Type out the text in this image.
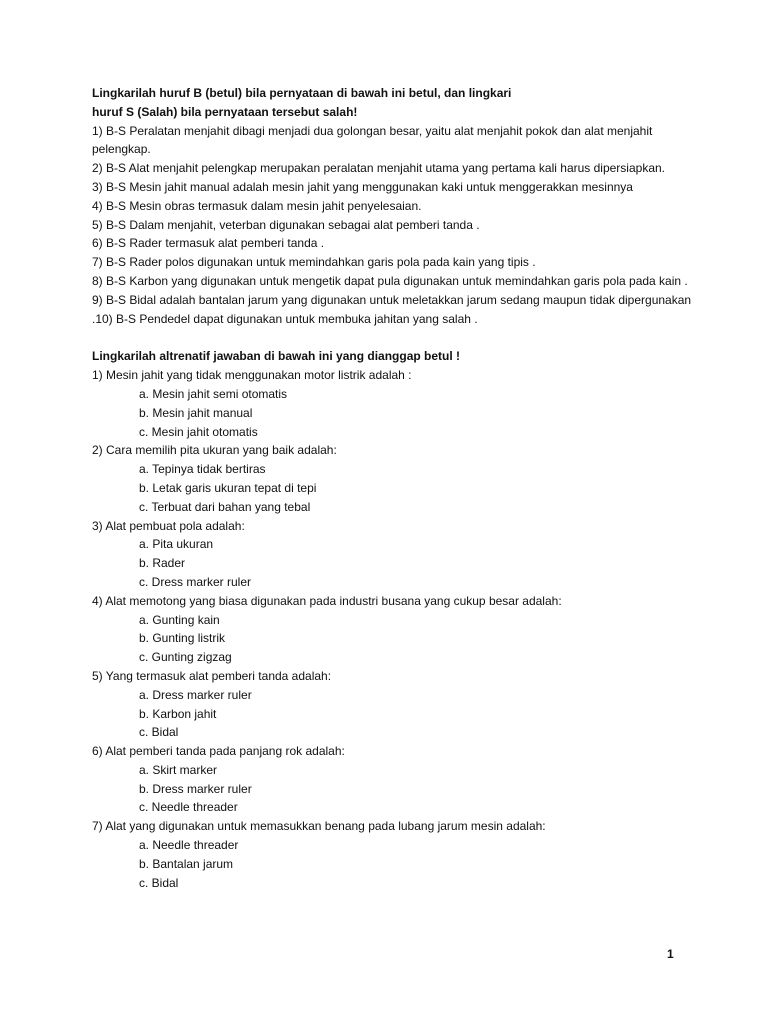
Lingkarilah huruf B (betul) bila pernyataan di bawah ini betul, dan lingkari
huruf S (Salah) bila pernyataan tersebut salah!
1) B-S Peralatan menjahit dibagi menjadi dua golongan besar, yaitu alat menjahit pokok dan alat menjahit
pelengkap.
2) B-S Alat menjahit pelengkap merupakan peralatan menjahit utama yang pertama kali harus dipersiapkan.
3) B-S Mesin jahit manual adalah mesin jahit yang menggunakan kaki untuk menggerakkan mesinnya
4) B-S Mesin obras termasuk dalam mesin jahit penyelesaian.
5) B-S Dalam menjahit, veterban digunakan sebagai alat pemberi tanda .
6) B-S Rader termasuk alat pemberi tanda .
7) B-S Rader polos digunakan untuk memindahkan garis pola pada kain yang tipis .
8) B-S Karbon yang digunakan untuk mengetik dapat pula digunakan untuk memindahkan garis pola pada kain .
9) B-S Bidal adalah bantalan jarum yang digunakan untuk meletakkan jarum sedang maupun tidak dipergunakan
.10) B-S Pendedel dapat digunakan untuk membuka jahitan yang salah .
Lingkarilah altrenatif jawaban di bawah ini yang dianggap betul !
1) Mesin jahit yang tidak menggunakan motor listrik adalah :
a. Mesin jahit semi otomatis
b. Mesin jahit manual
c. Mesin jahit otomatis
2) Cara memilih pita ukuran yang baik adalah:
a. Tepinya tidak bertiras
b. Letak garis ukuran tepat di tepi
c. Terbuat dari bahan yang tebal
3) Alat pembuat pola adalah:
a. Pita ukuran
b. Rader
c. Dress marker ruler
4) Alat memotong yang biasa digunakan pada industri busana yang cukup besar adalah:
a. Gunting kain
b. Gunting listrik
c. Gunting zigzag
5) Yang termasuk alat pemberi tanda adalah:
a. Dress marker ruler
b. Karbon jahit
c. Bidal
6) Alat pemberi tanda pada panjang rok adalah:
a. Skirt marker
b. Dress marker ruler
c. Needle threader
7) Alat yang digunakan untuk memasukkan benang pada lubang jarum mesin adalah:
a. Needle threader
b. Bantalan jarum
c. Bidal
1
